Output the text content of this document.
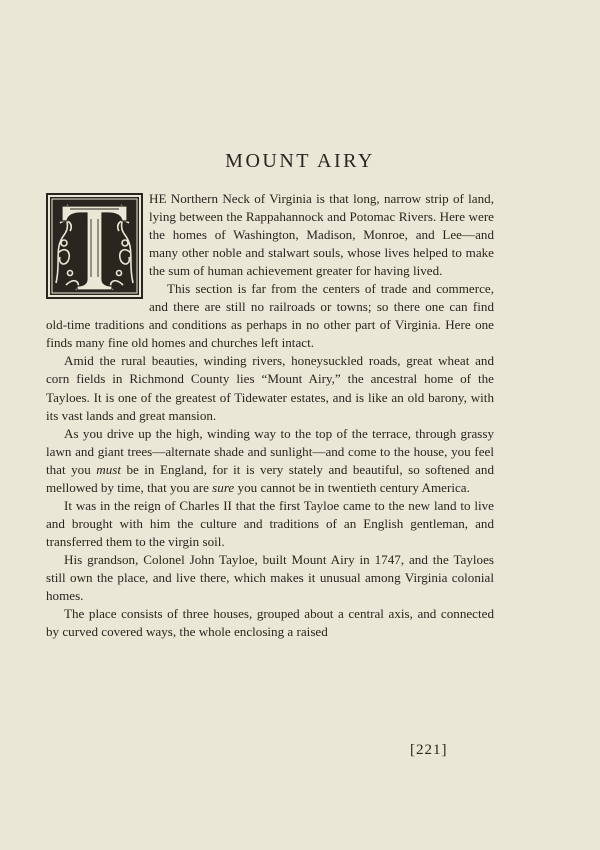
MOUNT AIRY

HE Northern Neck of Virginia is that long, narrow strip of land, lying between the Rappahannock and Potomac Rivers. Here were the homes of Washington, Madison, Monroe, and Lee—and many other noble and stalwart souls, whose lives helped to make the sum of human achievement greater for having lived.

This section is far from the centers of trade and commerce, and there are still no railroads or towns; so there one can find old-time traditions and conditions as perhaps in no other part of Virginia. Here one finds many fine old homes and churches left intact.

Amid the rural beauties, winding rivers, honeysuckled roads, great wheat and corn fields in Richmond County lies “Mount Airy,” the ancestral home of the Tayloes. It is one of the greatest of Tidewater estates, and is like an old barony, with its vast lands and great mansion.

As you drive up the high, winding way to the top of the terrace, through grassy lawn and giant trees—alternate shade and sunlight—and come to the house, you feel that you must be in England, for it is very stately and beautiful, so softened and mellowed by time, that you are sure you cannot be in twentieth century America.

It was in the reign of Charles II that the first Tayloe came to the new land to live and brought with him the culture and traditions of an English gentleman, and transferred them to the virgin soil.

His grandson, Colonel John Tayloe, built Mount Airy in 1747, and the Tayloes still own the place, and live there, which makes it unusual among Virginia colonial homes.

The place consists of three houses, grouped about a central axis, and connected by curved covered ways, the whole enclosing a raised

[221]
